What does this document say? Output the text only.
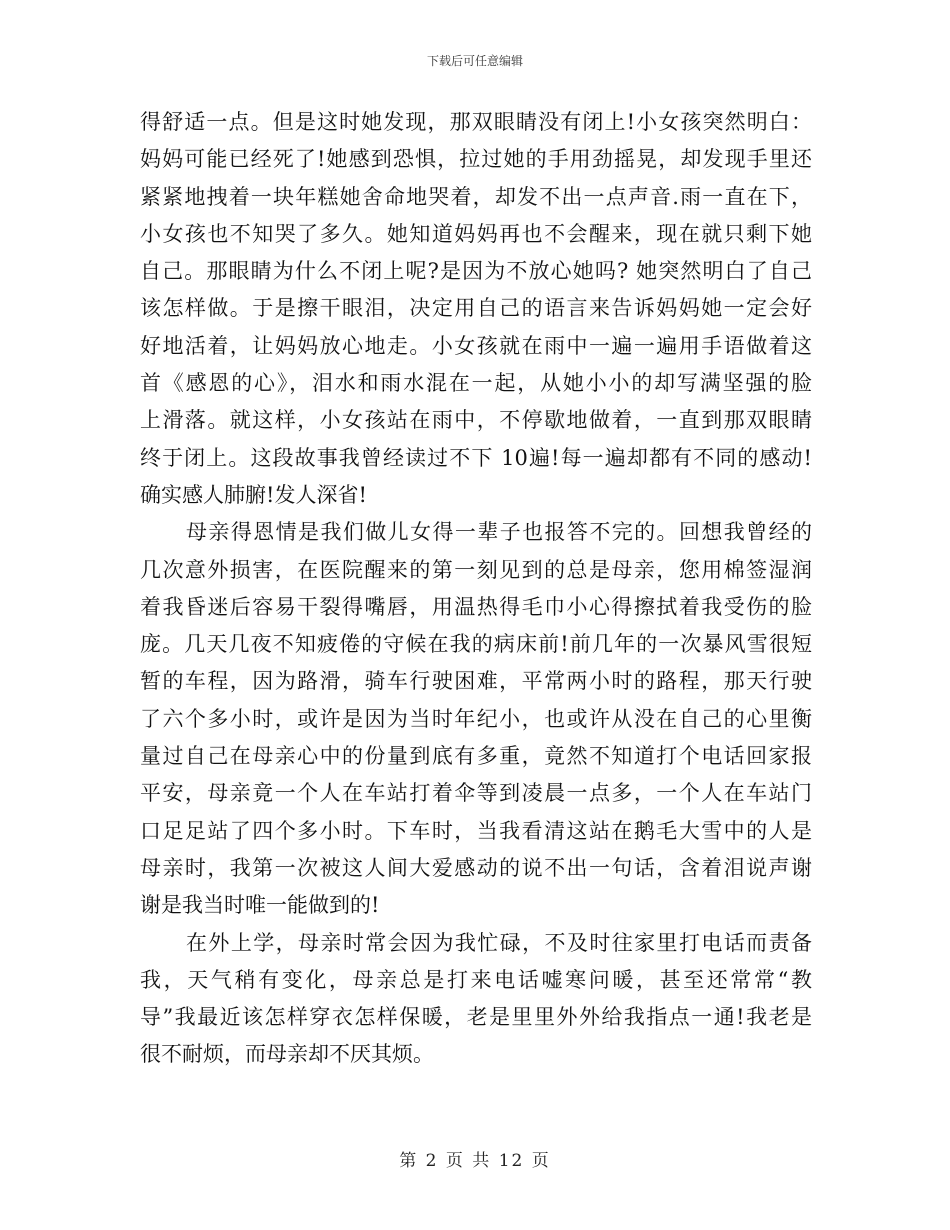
下载后可任意编辑
得舒适一点。但是这时她发现，那双眼睛没有闭上!小女孩突然明白：
妈妈可能已经死了!她感到恐惧，拉过她的手用劲摇晃，却发现手里还
紧紧地拽着一块年糕她舍命地哭着，却发不出一点声音.雨一直在下，
小女孩也不知哭了多久。她知道妈妈再也不会醒来，现在就只剩下她
自己。那眼睛为什么不闭上呢?是因为不放心她吗? 她突然明白了自己
该怎样做。于是擦干眼泪，决定用自己的语言来告诉妈妈她一定会好
好地活着，让妈妈放心地走。小女孩就在雨中一遍一遍用手语做着这
首《感恩的心》，泪水和雨水混在一起，从她小小的却写满坚强的脸
上滑落。就这样，小女孩站在雨中，不停歇地做着，一直到那双眼睛
终于闭上。这段故事我曾经读过不下 10遍!每一遍却都有不同的感动!
确实感人肺腑!发人深省!
母亲得恩情是我们做儿女得一辈子也报答不完的。回想我曾经的
几次意外损害，在医院醒来的第一刻见到的总是母亲，您用棉签湿润
着我昏迷后容易干裂得嘴唇，用温热得毛巾小心得擦拭着我受伤的脸
庞。几天几夜不知疲倦的守候在我的病床前!前几年的一次暴风雪很短
暂的车程，因为路滑，骑车行驶困难，平常两小时的路程，那天行驶
了六个多小时，或许是因为当时年纪小，也或许从没在自己的心里衡
量过自己在母亲心中的份量到底有多重，竟然不知道打个电话回家报
平安，母亲竟一个人在车站打着伞等到凌晨一点多，一个人在车站门
口足足站了四个多小时。下车时，当我看清这站在鹅毛大雪中的人是
母亲时，我第一次被这人间大爱感动的说不出一句话，含着泪说声谢
谢是我当时唯一能做到的!
在外上学，母亲时常会因为我忙碌，不及时往家里打电话而责备
我，天气稍有变化，母亲总是打来电话嘘寒问暖，甚至还常常“教
导”我最近该怎样穿衣怎样保暖，老是里里外外给我指点一通!我老是
很不耐烦，而母亲却不厌其烦。
第 2 页 共 12 页
